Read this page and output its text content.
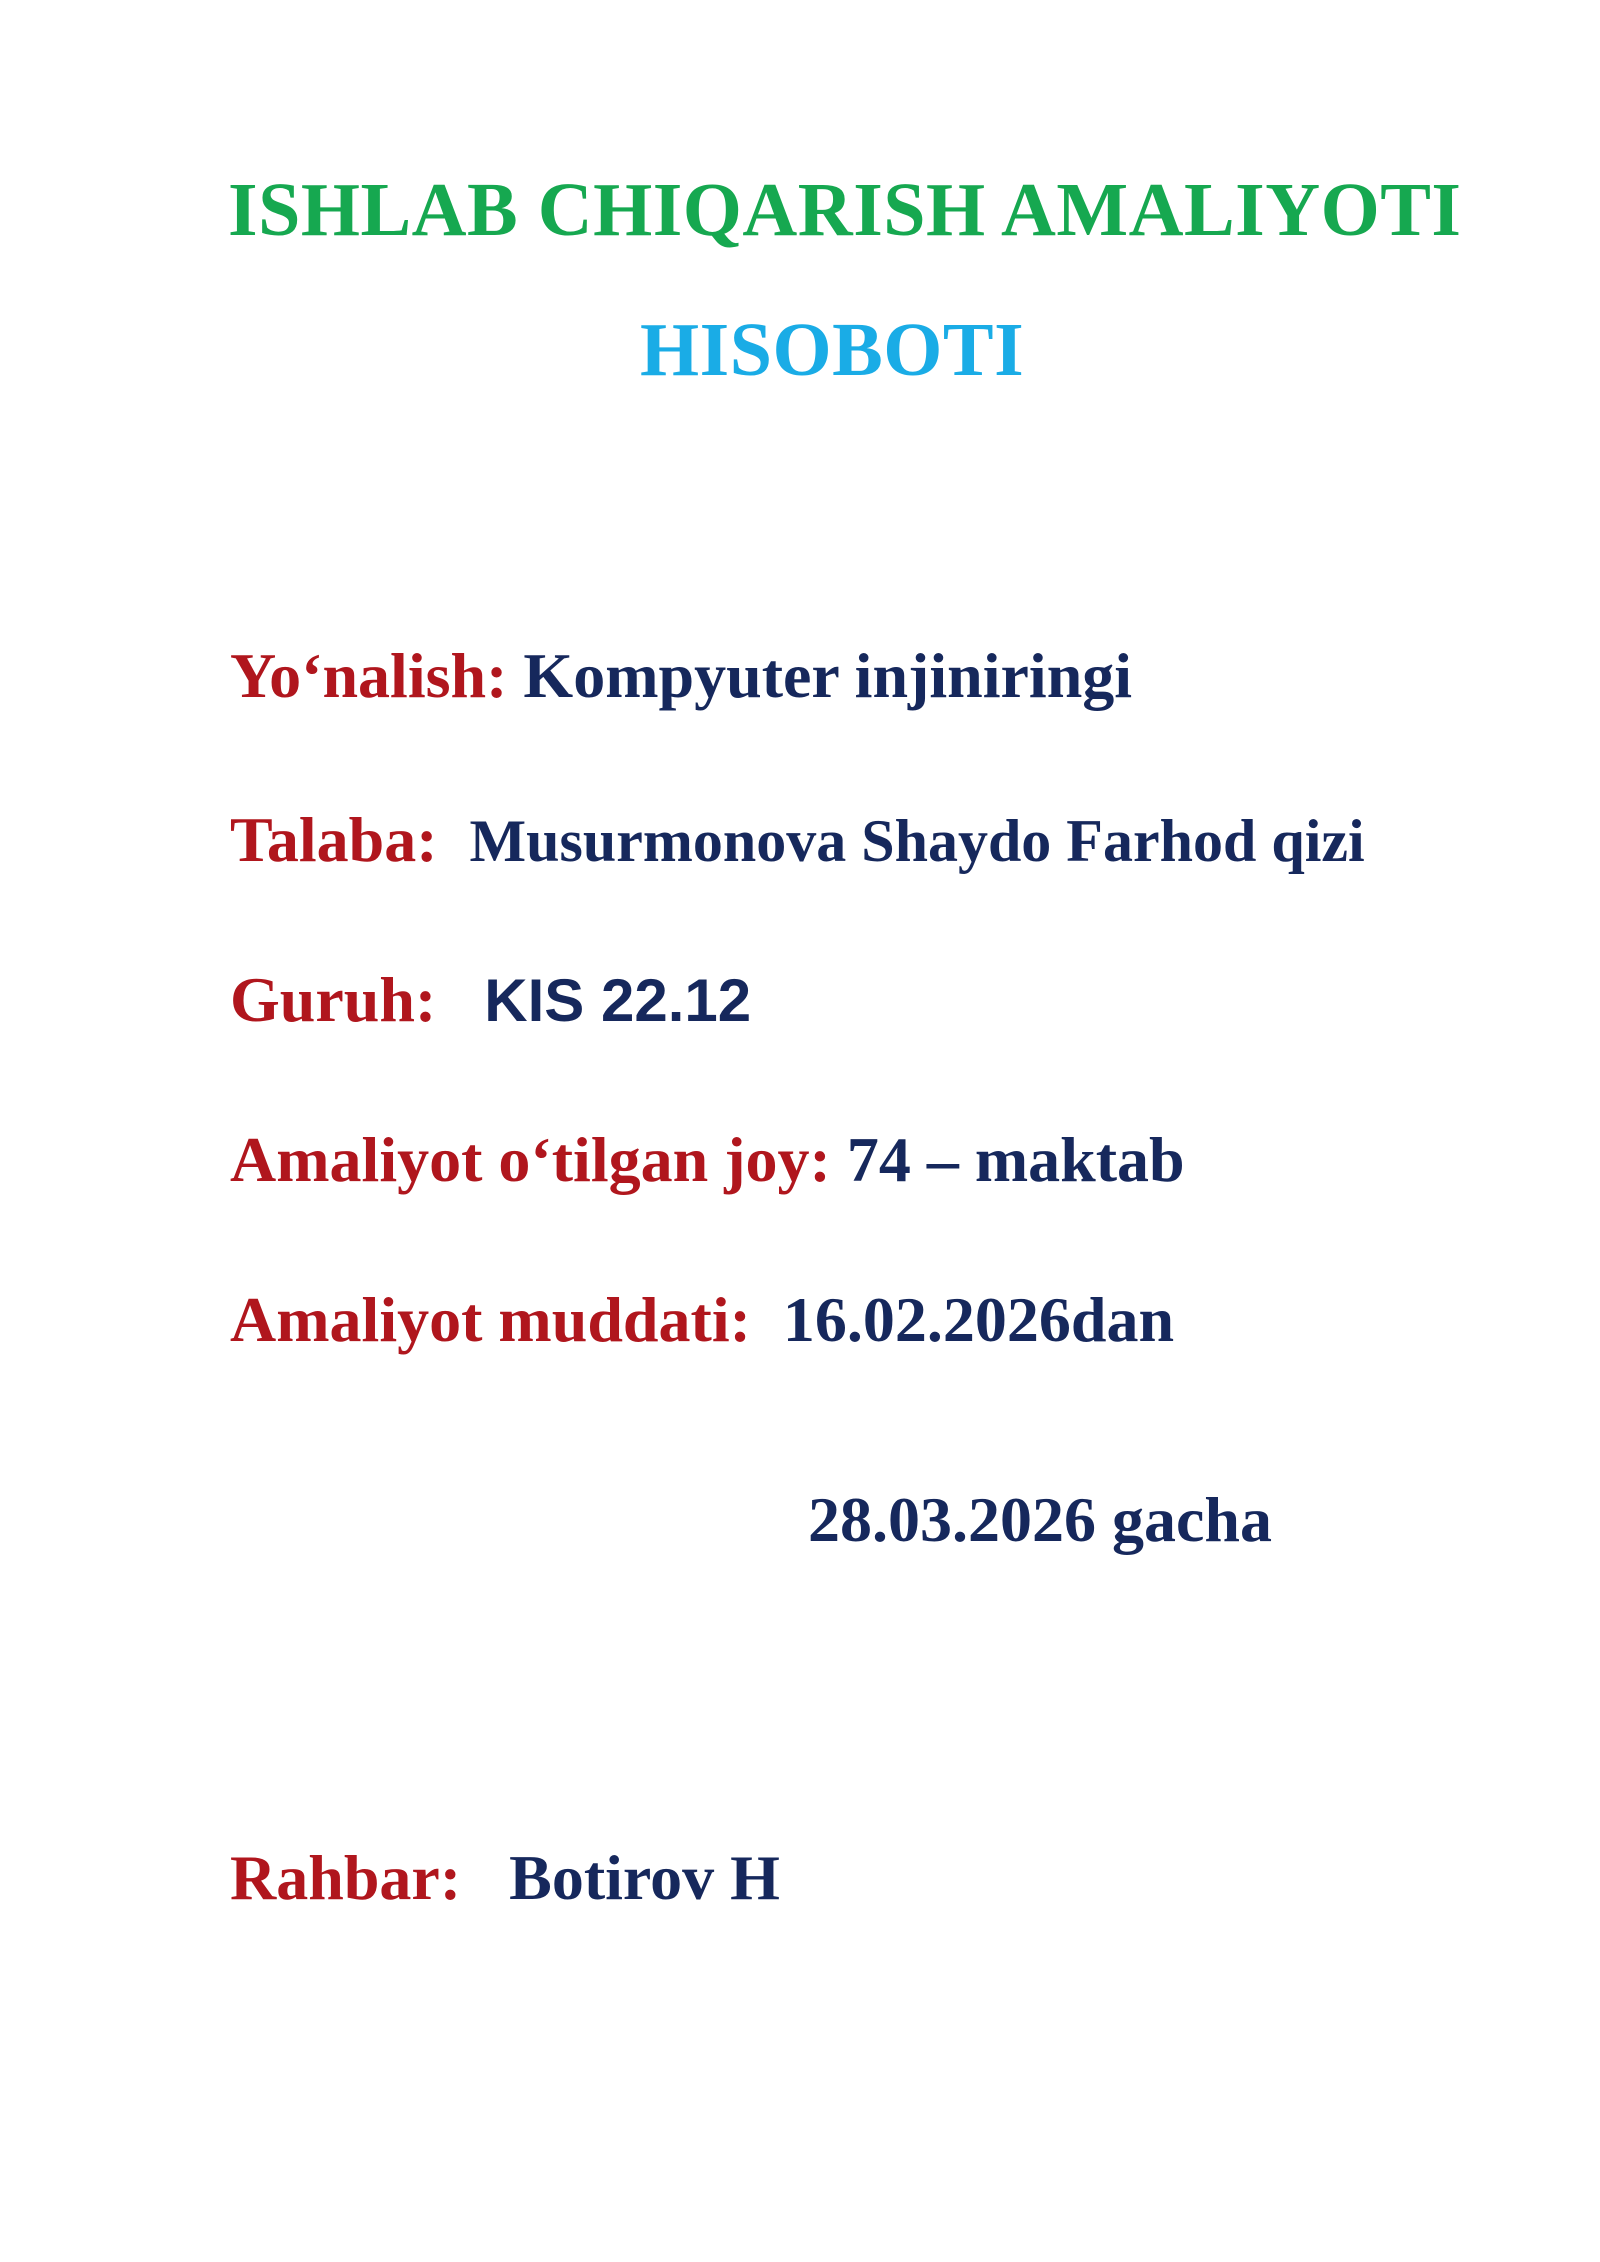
ISHLAB CHIQARISH AMALIYOTI
HISOBOTI
Yo‘nalish: Kompyuter injiniringi
Talaba: Musurmonova Shaydo Farhod qizi
Guruh: KIS 22.12
Amaliyot o‘tilgan joy: 74 – maktab
Amaliyot muddati: 16.02.2026dan
28.03.2026 gacha
Rahbar: Botirov H
